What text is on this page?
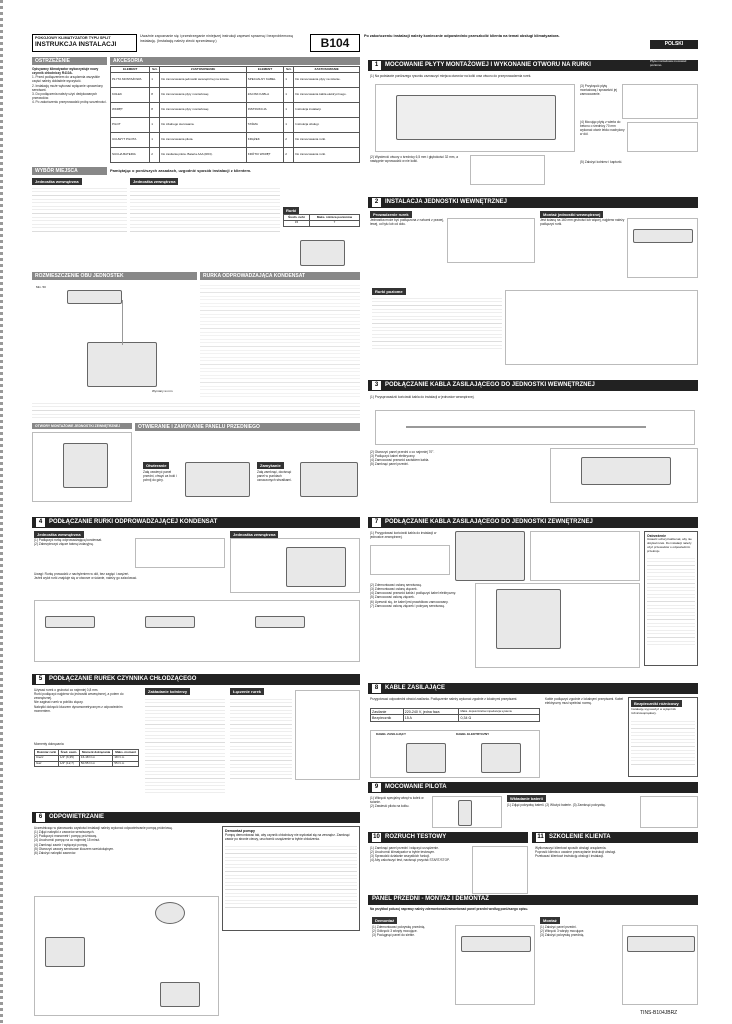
POKOJOWY KLIMATYZATOR TYPU SPLIT
INSTRUKCJA INSTALACJI
Uważnie zapoznanie się i przestrzeganie niniejszej instrukcji zapewni sprawną i bezproblemową instalację. (Instalację należy zlecić sprzedawcy.)	B104	Po zakończeniu instalacji należy koniecznie odpowiednio przeszkolić klienta na temat obsługi klimatyzatora.
POLSKI
OSTRZEŻENIE
Opisywany klimatyzator wykorzystuje nowy czynnik chłodniczy R410A.
1. Przed podłączeniem do urządzenia wszystkie części należy dokładnie wyczyścić.
2. Instalację może wykonać wyłącznie uprawniony serwisant.
3. Do podłączenia należy użyć dedykowanych przewodów.
4. Po zakończeniu przeprowadzić próbę szczelności.
AKCESORIA
ELEMENT	Szt.	ZASTOSOWANIE	ELEMENT	Szt.	ZASTOSOWANIE
PŁYTA MONTAŻOWA	1	Do zamocowania jednostki wewnętrznej na ścianie.	SPECJALNY KABEL	1	Do zamocowania płyty na ścianie.
KOŁEK	8	Do zamocowania płyty montażowej.	ZACISK KABLA	1	Do zamocowania kabla elektrycznego.
WKRĘT	8	Do zamocowania płyty montażowej.	INSTRUKCJA	1	Instrukcja instalacji.
PILOT	1	Do zdalnego sterowania.	TAŚMA	1	Instrukcja obsługi.
UCHWYT PILOTA	1	Do zamocowania pilota.	KRĄŻEK	2	Do zamocowania rurki.
SUCHA BATERIA	2	Do zasilania pilota. Bateria AAA (R03).	KRÓTKI WKRĘT	2	Do zamocowania rurki.
WYBÓR MIEJSCA	Pamiętając o poniższych zasadach, uzgodnić sposób instalacji z klientem.
Jednostka wewnętrzna	Jednostka zewnętrzna
Rurki
Średn. rurki	Maks. różnica poziomów
15	7
ROZMIESZCZENIE OBU JEDNOSTEK	RURKA ODPROWADZAJĄCA KONDENSAT
Min. 50
Wymiary w mm
OTWORY MONTAŻOWE JEDNOSTKI ZEWNĘTRZNEJ	OTWIERANIE I ZAMYKANIE PANELU PRZEDNIEGO
Otwieranie
Załą oswieryć panel przedni, chwyć za boki i pchnij do góry.
Zamykanie
Załą zamknąć, docisnąć panel w punktach oznaczonych strzałkami.
1	MOCOWANIE PŁYTY MONTAŻOWEJ I WYKONANIE OTWORU NA RURKI
Płyta montażowa mocować poziomo.
(1) Na podstawie poniższego rysunku zaznaczyć miejsca otworów na kołki oraz otworu do przeprowadzenia rurek.
(2) Wywiercić otwory o średnicy 6,5 mm i głębokości 32 mm, a następnie wprowadzić w nie kołki.
(3) Przykręcić płytę montażową i sprawdzić jej zamocowanie.
(4) Mocując płytę z wierła do betonu o średnicy 70 mm wykonać otwór lekko nachylony w dół.
(5) Założyć kołnierz i kapturki.
2	INSTALACJA JEDNOSTKI WEWNĘTRZNEJ
Prowadzenie rurek	Montaż jednostki wewnętrznej
Jednostka może być podłączona z rurkami z prawej, lewej, od tyłu lub od dołu.
Jest ścianą na 160 mm grubości lub więcej, najpierw należy podłączyć rurki.
Rurki poziome
3	PODŁĄCZANIE KABLA ZASILAJĄCEGO DO JEDNOSTKI WEWNĘTRZNEJ
(1) Przysprowadzić końcówki kabla do instalacji w jednostce wewnętrznej.
(2) Otworzyć panel przedni o co najmniej 70°.
(3) Podłączyć kabel elektryczny.
(4) Zamocować przewód zaciskiem kabla.
(5) Zamknąć panel przedni.
4	PODŁĄCZANIE RURKI ODPROWADZAJĄCEJ KONDENSAT
Jednostka wewnętrzna	Jednostka zewnętrzna
(1) Podłączyć rurkę odprowadzającą kondensat.
(2) Zabezpieczyć złącze taśmą izolacyjną.
Uwagi: Rurkę prowadzić z nachyleniem w dół, bez zagięć i zwężeń.
Jeżeli wylot rurki znajduje się w otworze w ścianie, należy go zaizolować.
5	PODŁĄCZANIE RUREK CZYNNIKA CHŁODZĄCEGO
Używać rurek o grubości co najmniej 0,8 mm.
Rurki podłączyć najpierw do jednostki wewnętrznej, a potem do zewnętrznej.
Nie zaginać rurek w pobliżu złączy.
Nakrętki dokręcić kluczem dynamometrycznym z odpowiednim momentem.
Zakładanie kołnierzy	Łączenie rurek
Momenty dokręcania
Rozmiar rurki	Śred. zewn.	Moment dokręcania	Maks. moment
Ciecz	1/4" (6,35)	16-18 N·m	18 N·m
Gaz	1/2" (12,7)	50-55 N·m	55 N·m
6	ODPOWIETRZANIE
Uczestnicząc w planowaniu czystości instalacji należy wykonać odpowietrzanie pompą próżniową.
(1) Zdjąć nakrętki z zaworów serwisowych.
(2) Podłączyć manometr i pompę próżniową.
(3) Uruchomić pompę na co najmniej 15 minut.
(4) Zamknąć zawór i wyłączyć pompę.
(5) Otworzyć zawory serwisowe kluczem sześciokątnym.
(6) Założyć nakrętki zaworów.
Demontaż pompy
Pompę demontować tak, aby czynnik chłodniczy nie wydostał się na zewnątrz. Zamknąć zawór po stronie cieczy, uruchomić urządzenie w trybie chłodzenia.
7	PODŁĄCZANIE KABLA ZASILAJĄCEGO DO JEDNOSTKI ZEWNĘTRZNEJ
(1) Przygotować końcówki kabla do instalacji w jednostce zewnętrznej.
(2) Zdemontować osłonę serwisową.
(3) Zdemontować osłonę złączek.
(4) Zamocować przewód kabla i podłączyć kabel elektryczny.
(5) Zamocować osłonę złączek.
(6) Upewnić się, że kabel jest prawidłowo zamocowany.
(7) Zamocować osłonę złączek i pokrywę serwisową.
Ostrzeżenie
Ustawić uchwyt kabla tak, aby nie dotykał rurek. Do instalacji należy użyć przewodów o odpowiednim przekroju.
8	KABLE ZASILAJĄCE
Przygotować odpowiedni obwód zasilania. Podłączenie należy wykonać zgodnie z lokalnymi przepisami.
Zasilanie	220-240 V, jedna faza	Maks. dopuszczalna impedancja systemu
Bezpiecznik	15 A	0,34 Ω
KABEL ZASILAJĄCY	KABEL ELEKTRYCZNY
Kable podłączyć zgodnie z lokalnymi przepisami. Kabel elektryczny musi spełniać normę.	Bezpieczniki różnicowy
Instalację wyposażyć w wyłącznik różnicowoprądowy.
9	MOCOWANIE PILOTA
(1) Wkręcić specjalny wkręt w kołek w ścianie.
(2) Zawiesić pilota na kołku.
Wkładanie baterii
(1) Zdjąć pokrywkę baterii. (2) Włożyć baterie. (3) Zamknąć pokrywkę.
10 ROZRUCH TESTOWY
(1) Zamknąć panel przedni i włączyć urządzenie.
(2) Uruchomić klimatyzator w trybie testowym.
(3) Sprawdzić działanie wszystkich funkcji.
(4) Aby zakończyć test, nacisnąć przycisk START/STOP.
11 SZKOLENIE KLIENTA
Wytłumaczyć klientowi sposób obsługi urządzenia.
Poprosić klienta o uważne przeczytanie instrukcji obsługi.
Przekazać klientowi instrukcję obsługi i instalacji.
PANEL PRZEDNI - MONTAŻ I DEMONTAŻ
Na przykład poluzuj naprawy należy zdemontować/zamontować panel przedni według poniższego opisu.
Demontaż	Montaż
(1) Zdemontować pokrywkę przednią.
(2) Odkręcić 3 wkręty mocujące.
(3) Pociągnąć panel do siebie.
(1) Założyć panel przedni.
(2) Wkręcić 3 wkręty mocujące.
(3) Założyć pokrywkę przednią.
TINS-B104JBRZ
